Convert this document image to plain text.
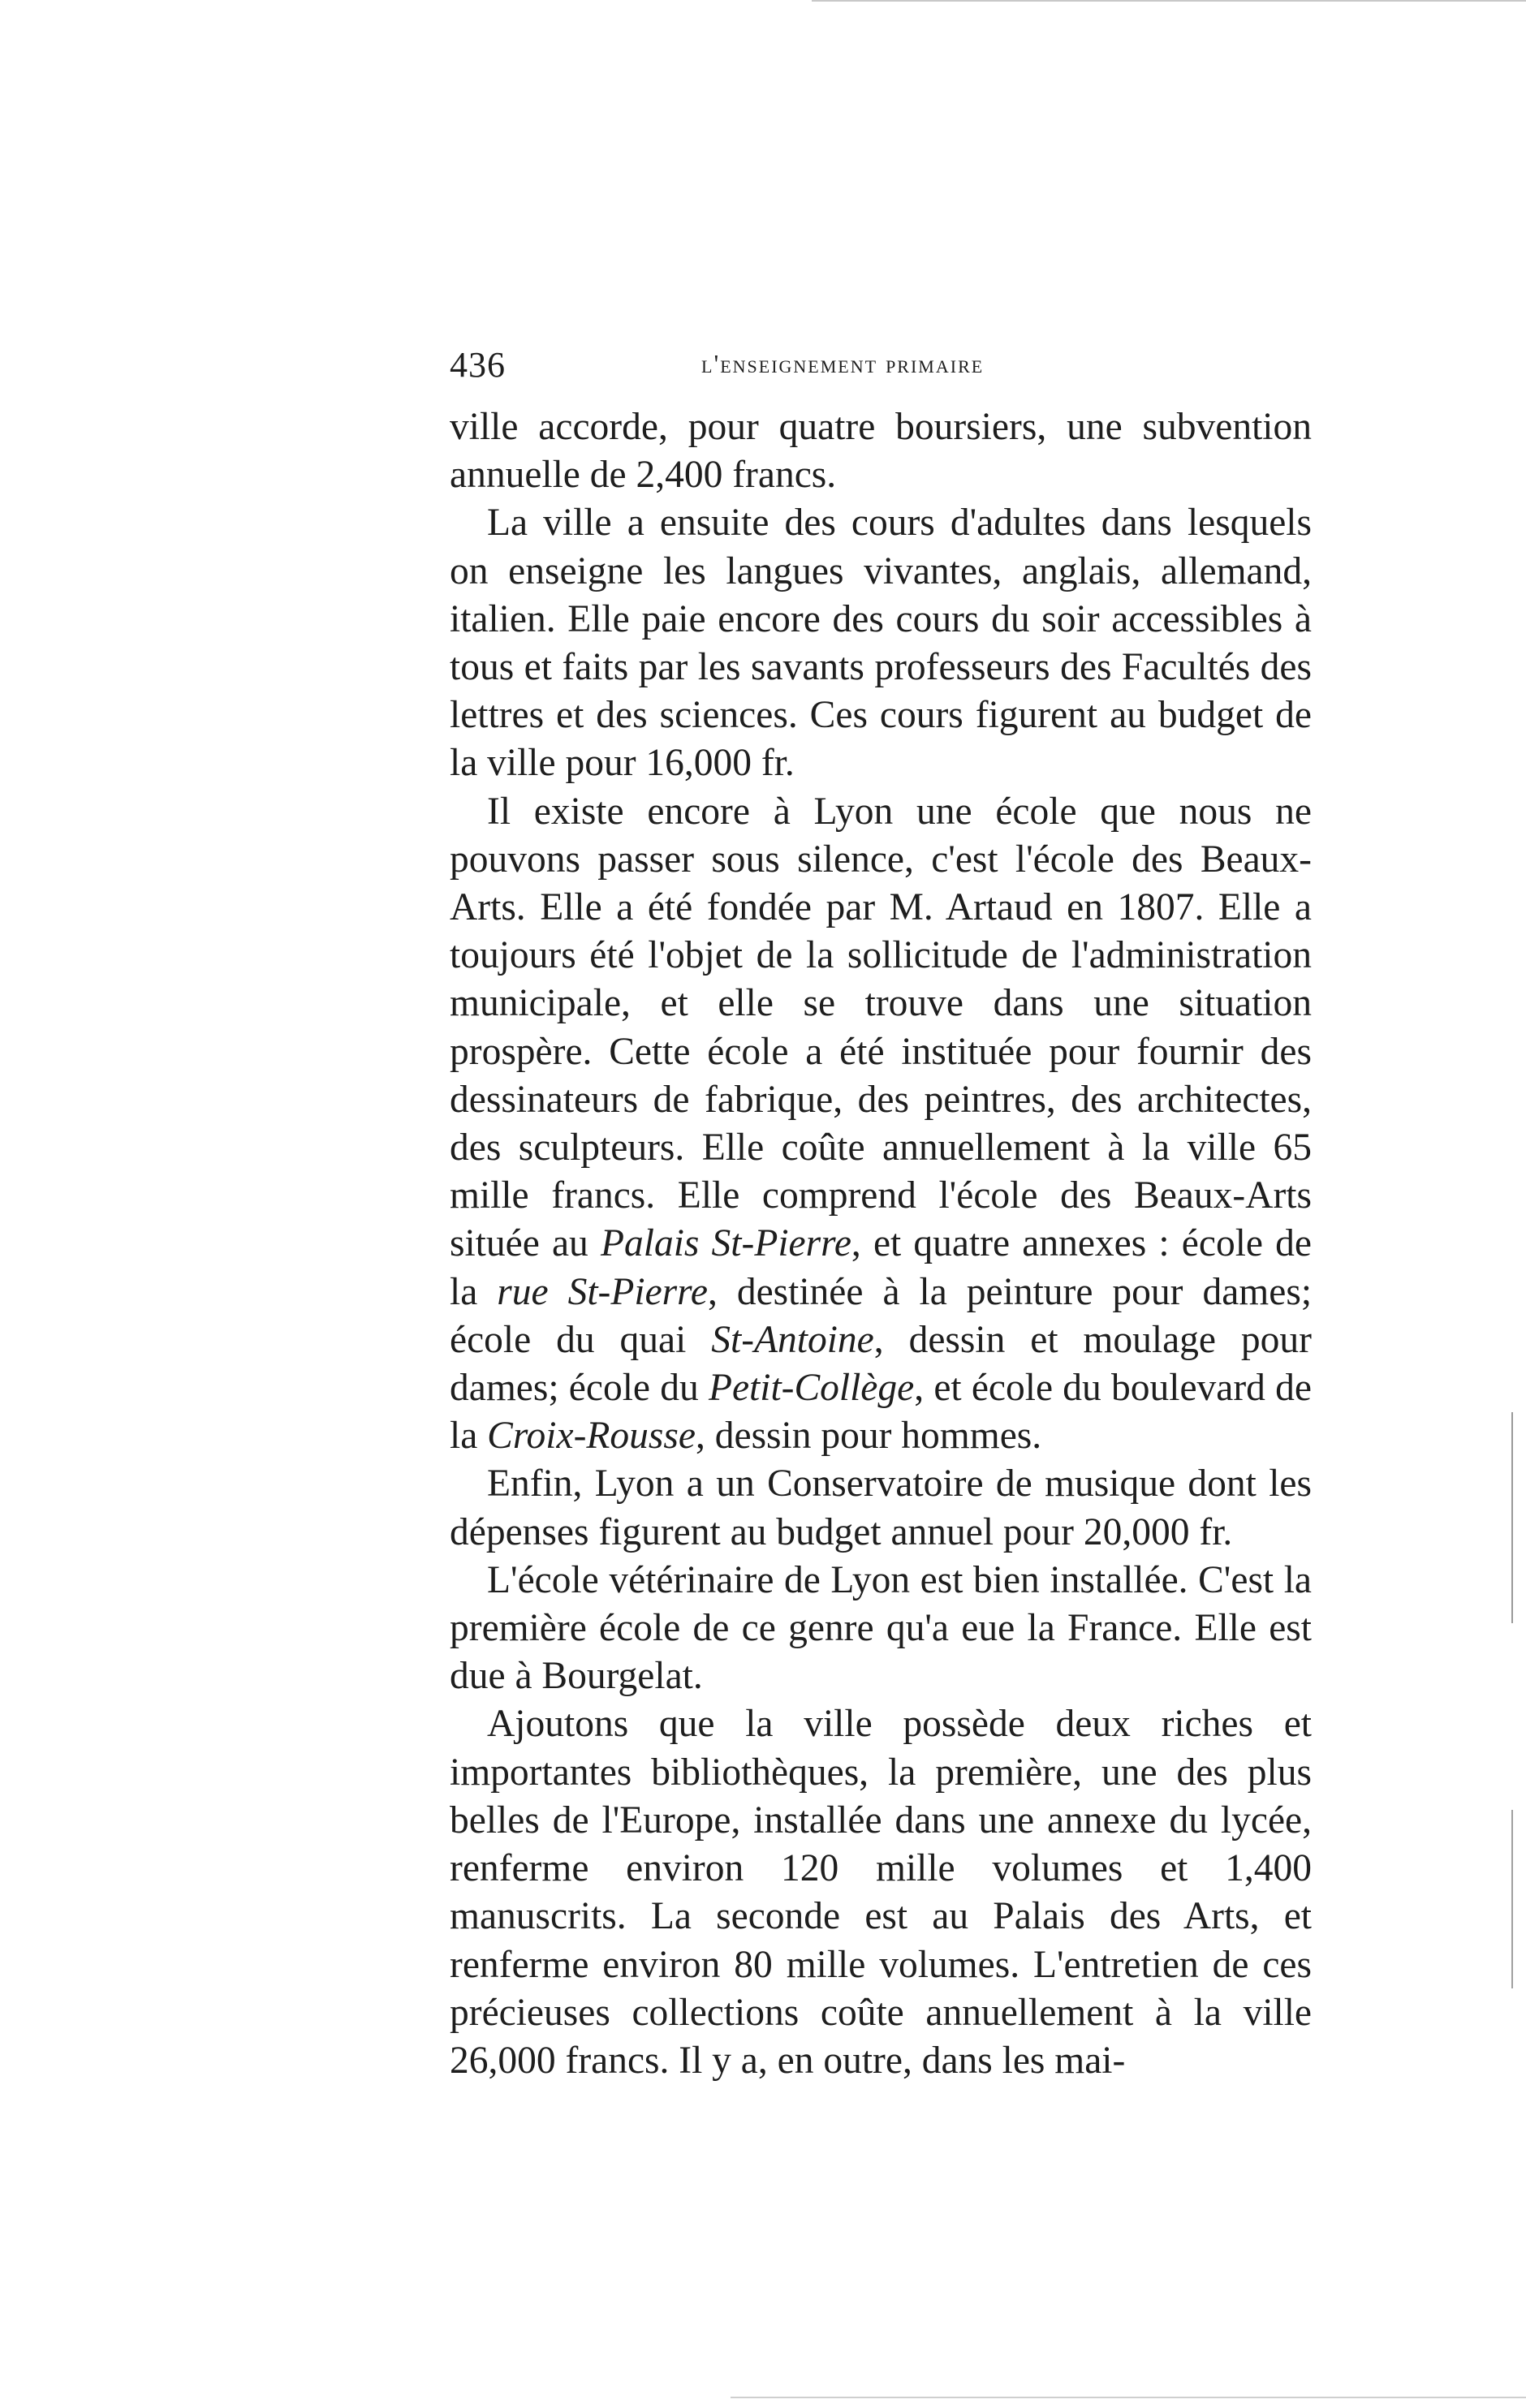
436	l'enseignement primaire

ville accorde, pour quatre boursiers, une subvention annuelle de 2,400 francs.

La ville a ensuite des cours d'adultes dans lesquels on enseigne les langues vivantes, anglais, allemand, italien. Elle paie encore des cours du soir accessibles à tous et faits par les savants professeurs des Facultés des lettres et des sciences. Ces cours figurent au budget de la ville pour 16,000 fr.

Il existe encore à Lyon une école que nous ne pouvons passer sous silence, c'est l'école des Beaux-Arts. Elle a été fondée par M. Artaud en 1807. Elle a toujours été l'objet de la sollicitude de l'administration municipale, et elle se trouve dans une situation prospère. Cette école a été instituée pour fournir des dessinateurs de fabrique, des peintres, des architectes, des sculpteurs. Elle coûte annuellement à la ville 65 mille francs. Elle comprend l'école des Beaux-Arts située au Palais St-Pierre, et quatre annexes : école de la rue St-Pierre, destinée à la peinture pour dames; école du quai St-Antoine, dessin et moulage pour dames; école du Petit-Collège, et école du boulevard de la Croix-Rousse, dessin pour hommes.

Enfin, Lyon a un Conservatoire de musique dont les dépenses figurent au budget annuel pour 20,000 fr.

L'école vétérinaire de Lyon est bien installée. C'est la première école de ce genre qu'a eue la France. Elle est due à Bourgelat.

Ajoutons que la ville possède deux riches et importantes bibliothèques, la première, une des plus belles de l'Europe, installée dans une annexe du lycée, renferme environ 120 mille volumes et 1,400 manuscrits. La seconde est au Palais des Arts, et renferme environ 80 mille volumes. L'entretien de ces précieuses collections coûte annuellement à la ville 26,000 francs. Il y a, en outre, dans les mai-
